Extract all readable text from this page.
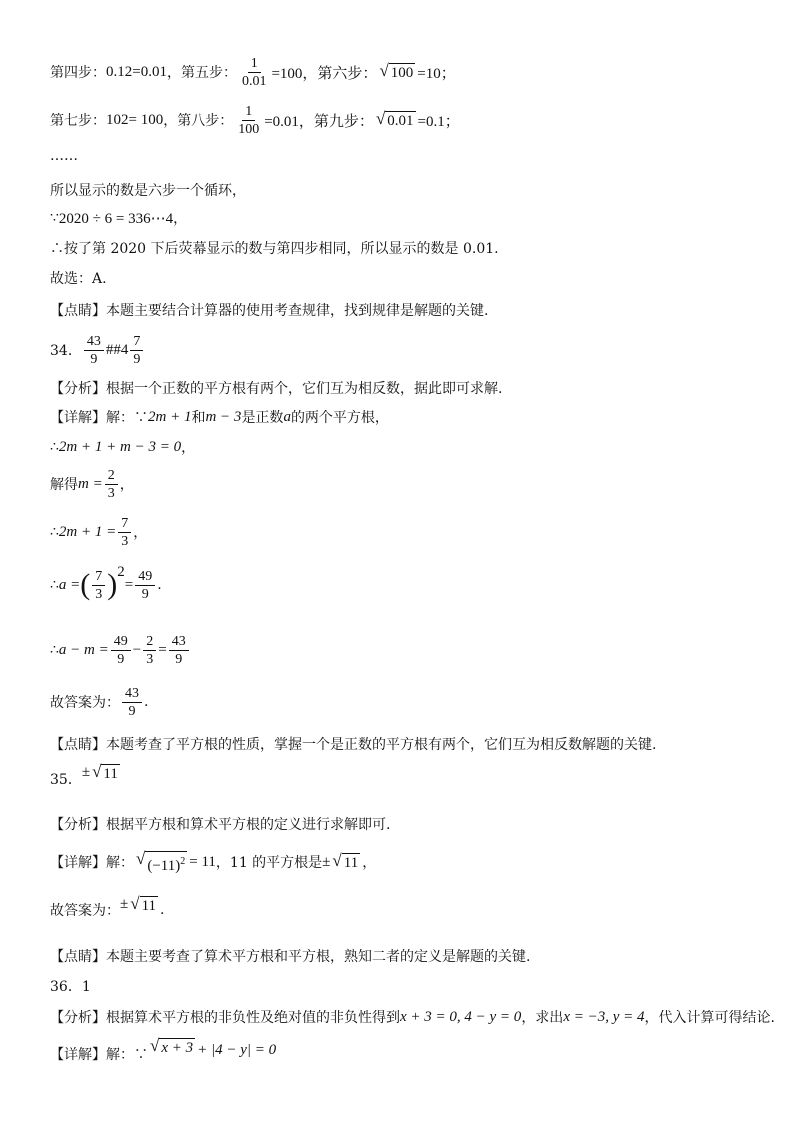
第四步： 0.1 2 =0.01 ，第五步： $\frac{1}{0.01} =100$，第六步： √ 100 =10；
第七步： 10 2 = 100 ，第八步： $\frac{1}{100} =0.01$，第九步： √ 0.01 =0.1；
……
所以显示的数是六步一个循环，
∵ 2020 ÷ 6 = 336⋯4 ，
∴按了第 2020 下后荧幕显示的数与第四步相同，所以显示的数是 0.01.
故选：A.
【点睛】 本题主要结合计算器的使用考查规律，找到规律是解题的关键.
34． $\frac{43}{9}$ ## $4 \frac{7}{9}$
【分析】 根据一个正数的平方根有两个，它们互为相反数，据此即可求解.
【详解】 解：∵ 2m + 1 和 m − 3 是正数 a 的两个平方根，
∴ 2m + 1 + m − 3 = 0 ，
解得 $m = \frac{2}{3}$ ，
∴ $2m + 1 = \frac{7}{3}$ ，
∴ a = ( $\frac{7}{3}$ ) 2
= $\frac{49}{9}$ .
∴ $a - m = \frac{49}{9} - \frac{2}{3} = \frac{43}{9}$
故答案为： $\frac{43}{9}$ .
【点睛】 本题考查了平方根的性质，掌握一个是正数的平方根有两个，它们互为相反数解题的关键.
35． ± √ 11
【分析】 根据平方根和算术平方根的定义进行求解即可.
【详解】 解： √ $(-11)^2 = 11$ ，11 的平方根是 ± √ 11 ，
故答案为： ± √ 11 .
【点睛】 本题主要考查了算术平方根和平方根，熟知二者的定义是解题的关键.
36．1
【分析】 根据算术平方根的非负性及绝对值的非负性得到 x + 3 = 0, 4 − y = 0 ，求出 x = −3, y = 4 ，代入计算可得结论.
【详解】 解：∵ √ x + 3 + |4 − y| = 0
